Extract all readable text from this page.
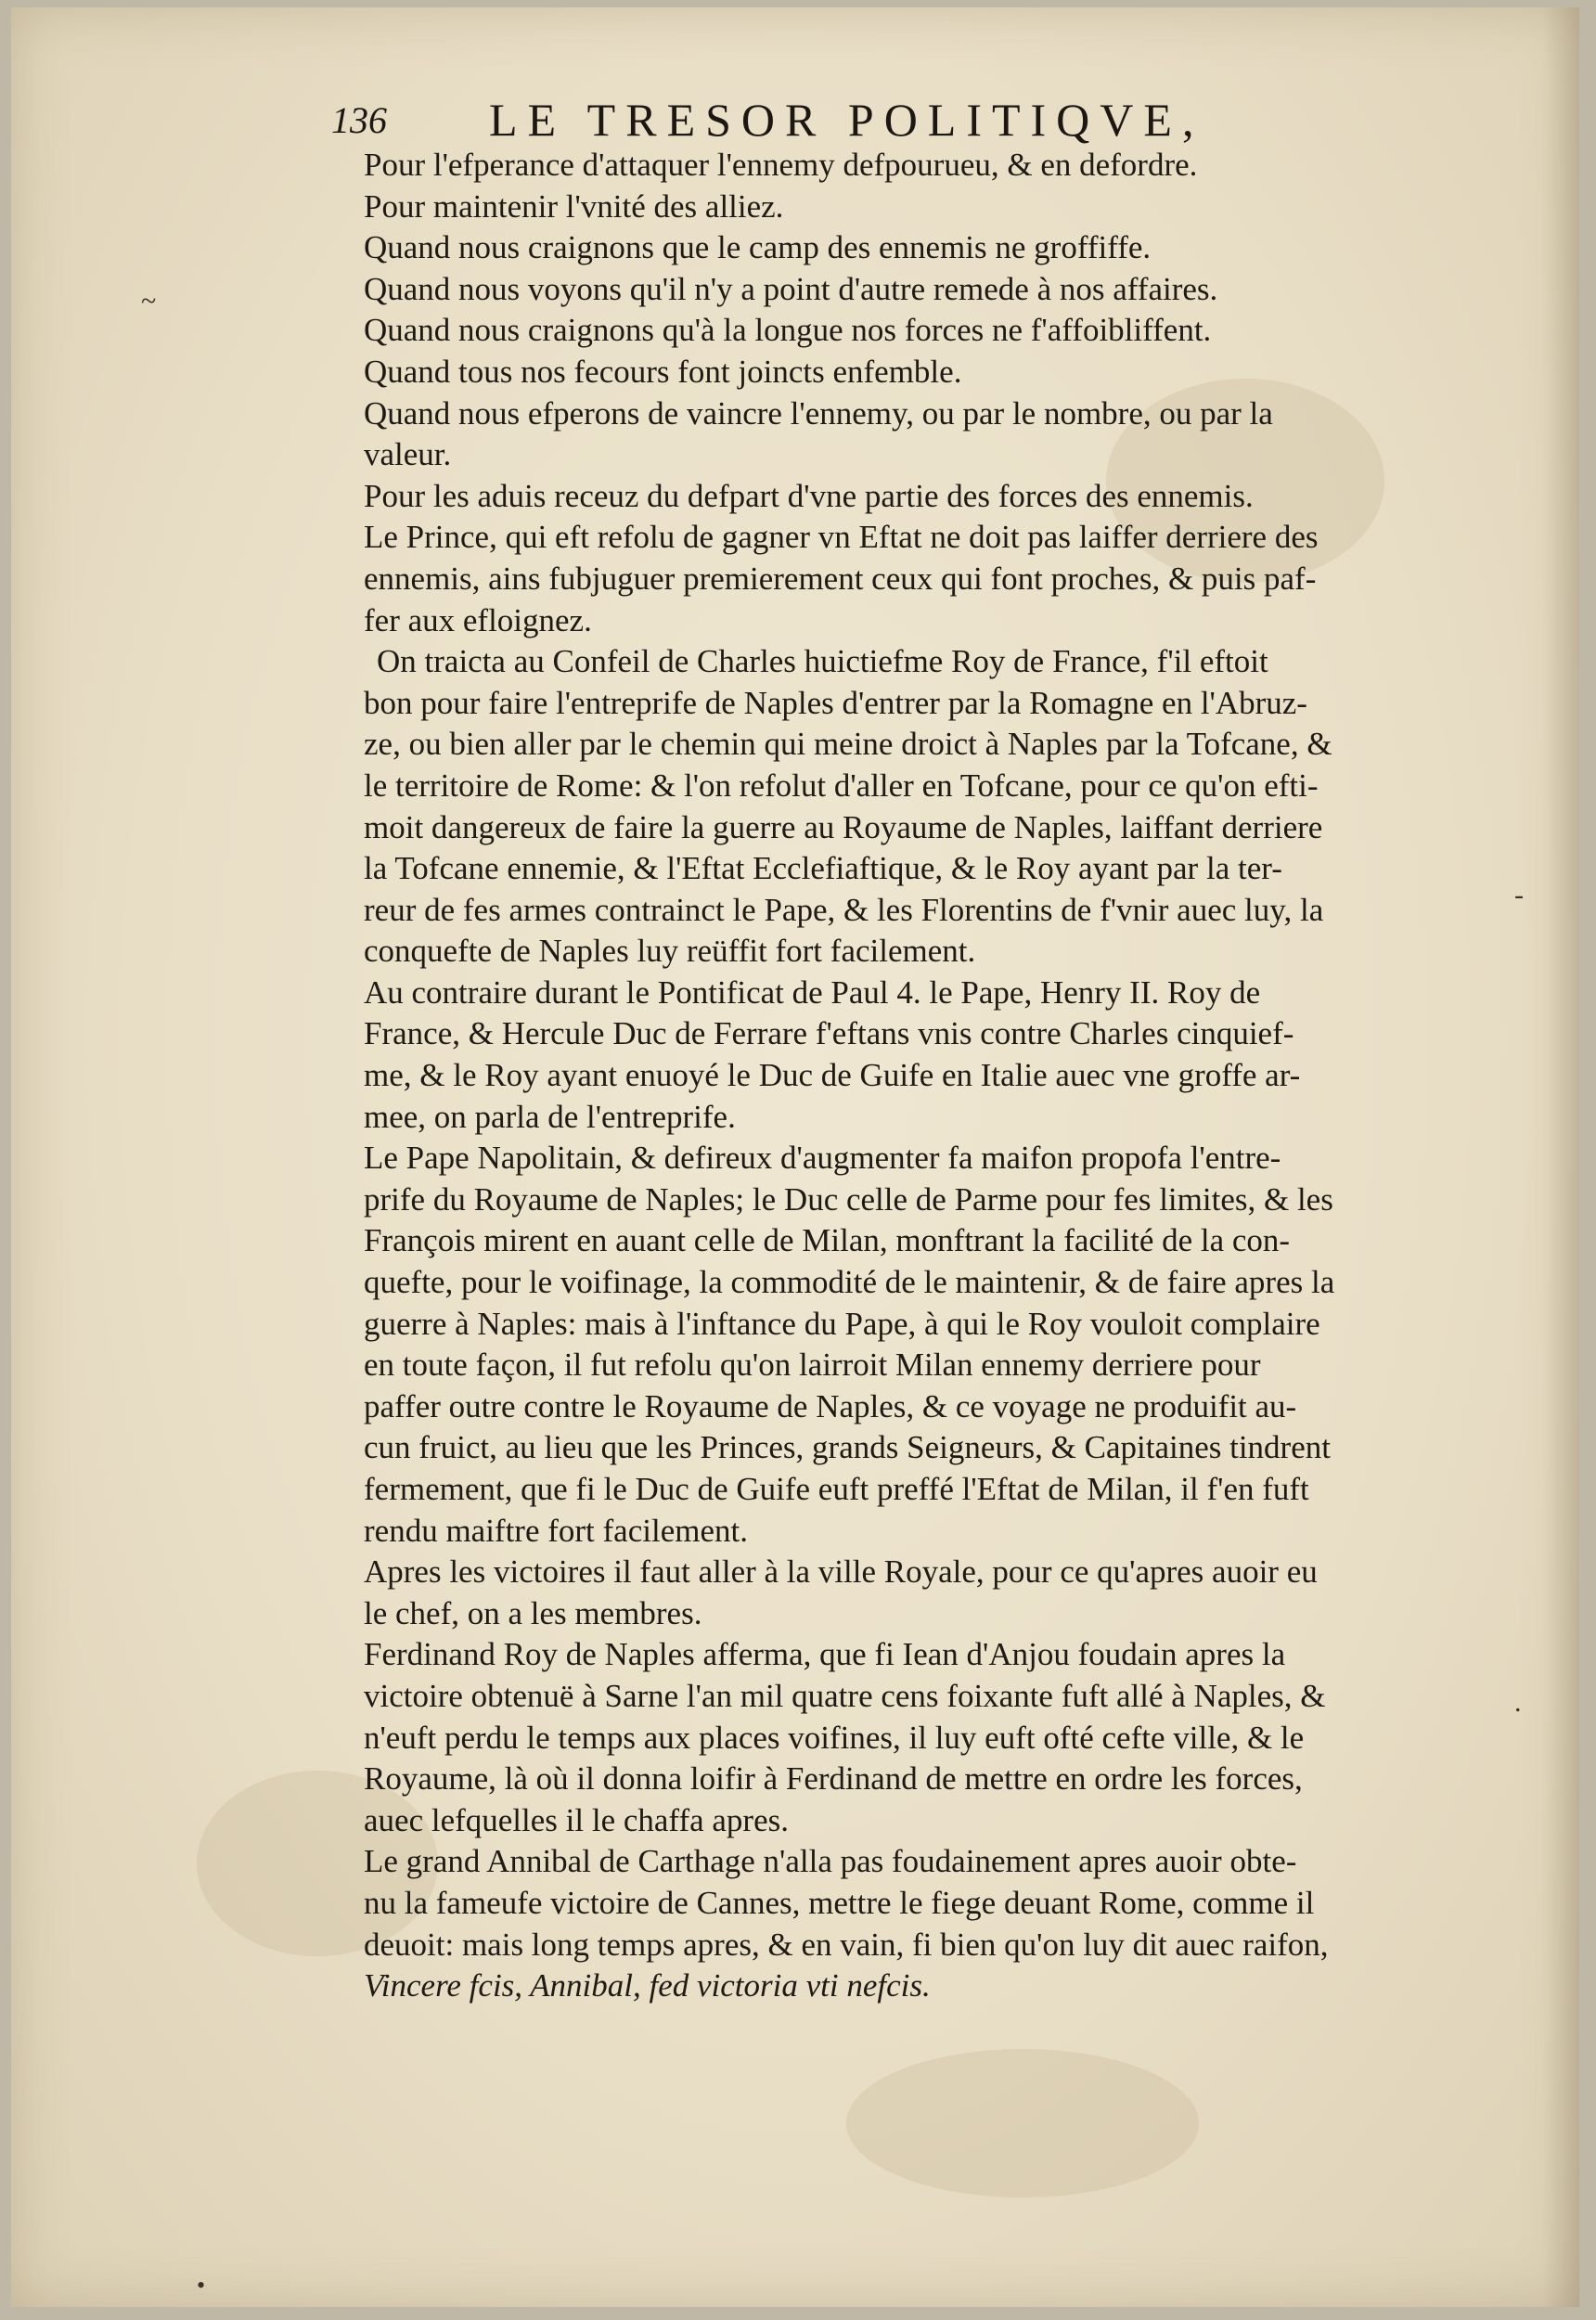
~
-
.
•
136 LE TRESOR POLITIQVE,

Pour l'efperance d'attaquer l'ennemy defpourueu, & en defordre.

Pour maintenir l'vnité des alliez.

Quand nous craignons que le camp des ennemis ne groffiffe.

Quand nous voyons qu'il n'y a point d'autre remede à nos affaires.

Quand nous craignons qu'à la longue nos forces ne f'affoibliffent.

Quand tous nos fecours font joincts enfemble.

Quand nous efperons de vaincre l'ennemy, ou par le nombre, ou par la
valeur.

Pour les aduis receuz du defpart d'vne partie des forces des ennemis.

Le Prince, qui eft refolu de gagner vn Eftat ne doit pas laiffer derriere des
ennemis, ains fubjuguer premierement ceux qui font proches, & puis paf-
fer aux efloignez.

On traicta au Confeil de Charles huictiefme Roy de France, f'il eftoit
bon pour faire l'entreprife de Naples d'entrer par la Romagne en l'Abruz-
ze, ou bien aller par le chemin qui meine droict à Naples par la Tofcane, &
le territoire de Rome: & l'on refolut d'aller en Tofcane, pour ce qu'on efti-
moit dangereux de faire la guerre au Royaume de Naples, laiffant derriere
la Tofcane ennemie, & l'Eftat Ecclefiaftique, & le Roy ayant par la ter-
reur de fes armes contrainct le Pape, & les Florentins de f'vnir auec luy, la
conquefte de Naples luy reüffit fort facilement.

Au contraire durant le Pontificat de Paul 4. le Pape, Henry II. Roy de
France, & Hercule Duc de Ferrare f'eftans vnis contre Charles cinquief-
me, & le Roy ayant enuoyé le Duc de Guife en Italie auec vne groffe ar-
mee, on parla de l'entreprife.

Le Pape Napolitain, & defireux d'augmenter fa maifon propofa l'entre-
prife du Royaume de Naples; le Duc celle de Parme pour fes limites, & les
François mirent en auant celle de Milan, monftrant la facilité de la con-
quefte, pour le voifinage, la commodité de le maintenir, & de faire apres la
guerre à Naples: mais à l'inftance du Pape, à qui le Roy vouloit complaire
en toute façon, il fut refolu qu'on lairroit Milan ennemy derriere pour
paffer outre contre le Royaume de Naples, & ce voyage ne produifit au-
cun fruict, au lieu que les Princes, grands Seigneurs, & Capitaines tindrent
fermement, que fi le Duc de Guife euft preffé l'Eftat de Milan, il f'en fuft
rendu maiftre fort facilement.

Apres les victoires il faut aller à la ville Royale, pour ce qu'apres auoir eu
le chef, on a les membres.

Ferdinand Roy de Naples afferma, que fi Iean d'Anjou foudain apres la
victoire obtenuë à Sarne l'an mil quatre cens foixante fuft allé à Naples, &
n'euft perdu le temps aux places voifines, il luy euft ofté cefte ville, & le
Royaume, là où il donna loifir à Ferdinand de mettre en ordre les forces,
auec lefquelles il le chaffa apres.

Le grand Annibal de Carthage n'alla pas foudainement apres auoir obte-
nu la fameufe victoire de Cannes, mettre le fiege deuant Rome, comme il
deuoit: mais long temps apres, & en vain, fi bien qu'on luy dit auec raifon,

Vincere fcis, Annibal, fed victoria vti nefcis.
